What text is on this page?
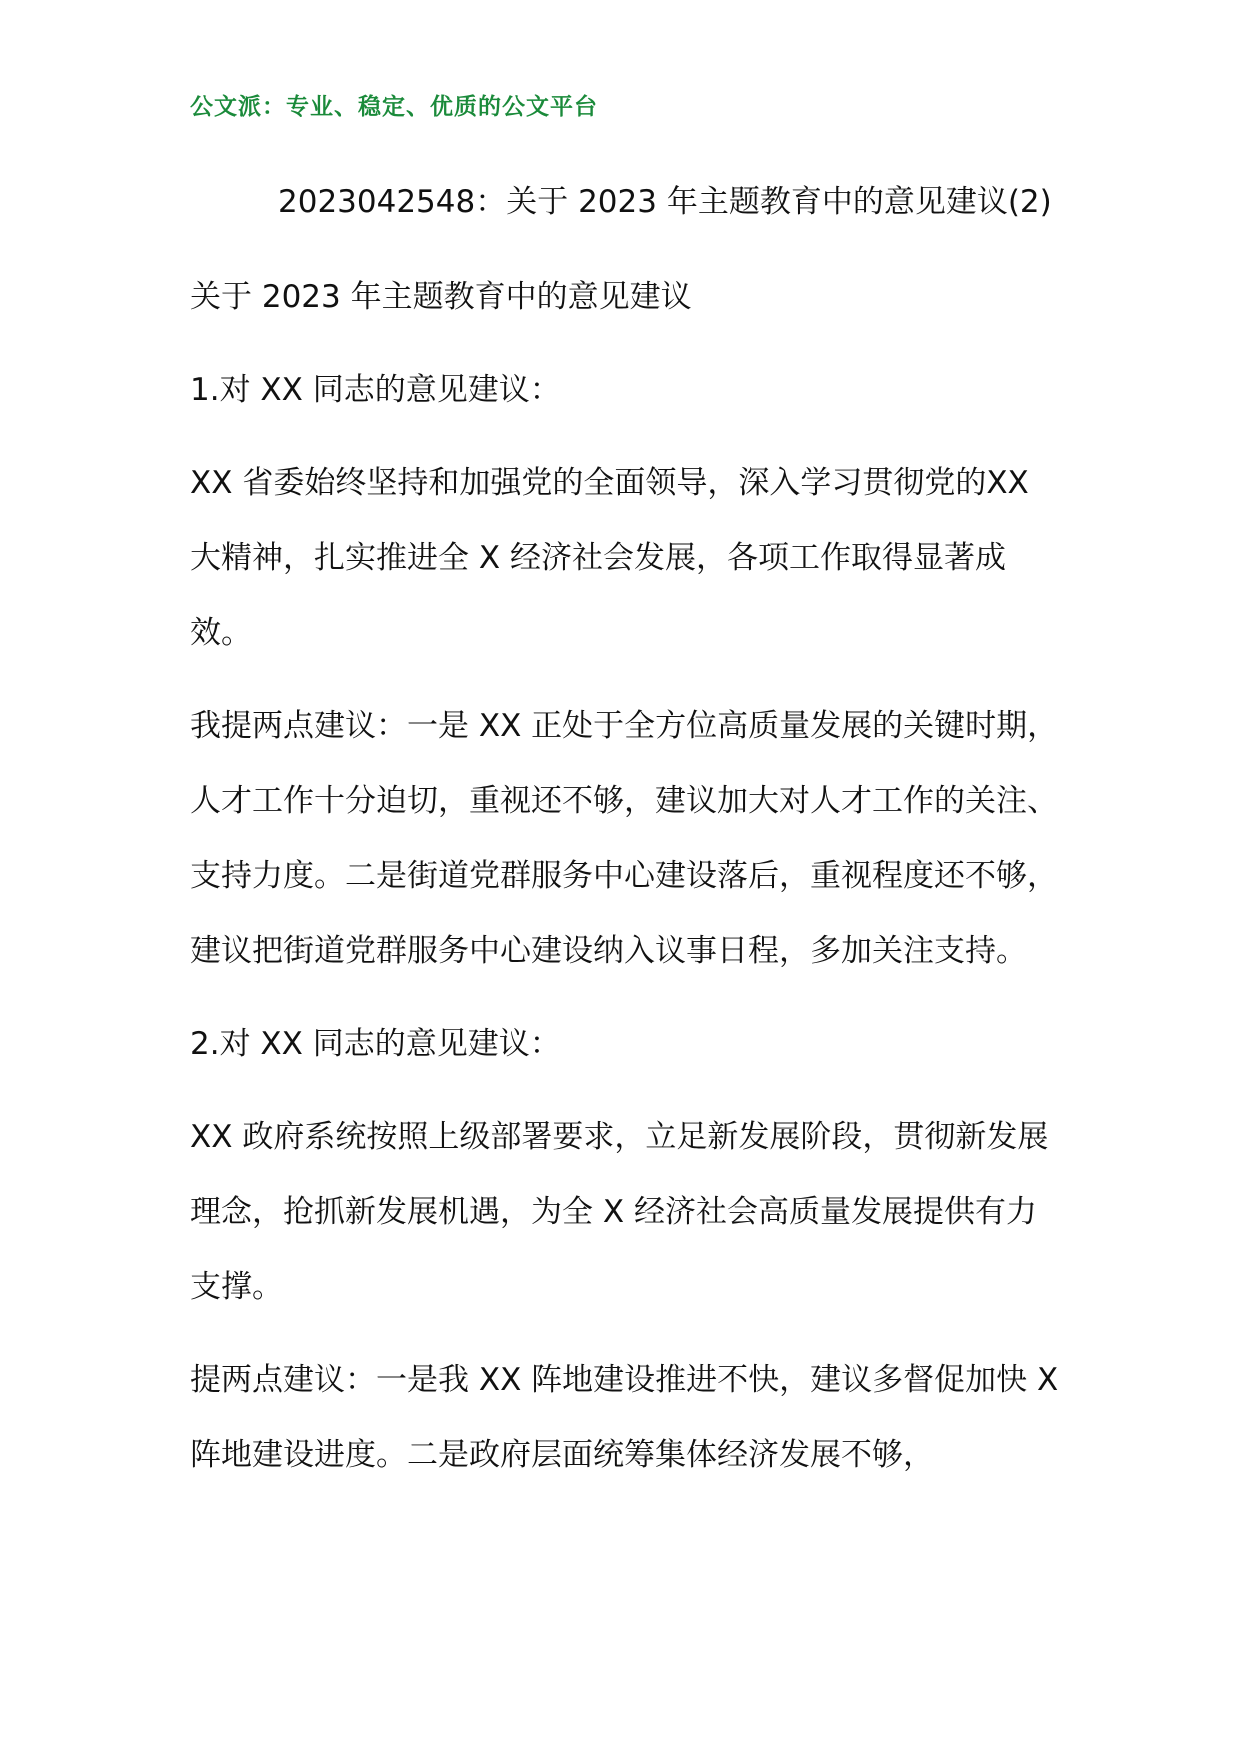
公文派：专业、稳定、优质的公文平台
2023042548：关于 2023 年主题教育中的意见建议(2)

关于 2023 年主题教育中的意见建议

1.对 XX 同志的意见建议：

XX 省委始终坚持和加强党的全面领导，深入学习贯彻党的XX 大精神，扎实推进全 X 经济社会发展，各项工作取得显著成效。

我提两点建议：一是 XX 正处于全方位高质量发展的关键时期，人才工作十分迫切，重视还不够，建议加大对人才工作的关注、支持力度。二是街道党群服务中心建设落后，重视程度还不够，建议把街道党群服务中心建设纳入议事日程，多加关注支持。

2.对 XX 同志的意见建议：

XX 政府系统按照上级部署要求，立足新发展阶段，贯彻新发展理念，抢抓新发展机遇，为全 X 经济社会高质量发展提供有力支撑。

提两点建议：一是我 XX 阵地建设推进不快，建议多督促加快 X 阵地建设进度。二是政府层面统筹集体经济发展不够，
